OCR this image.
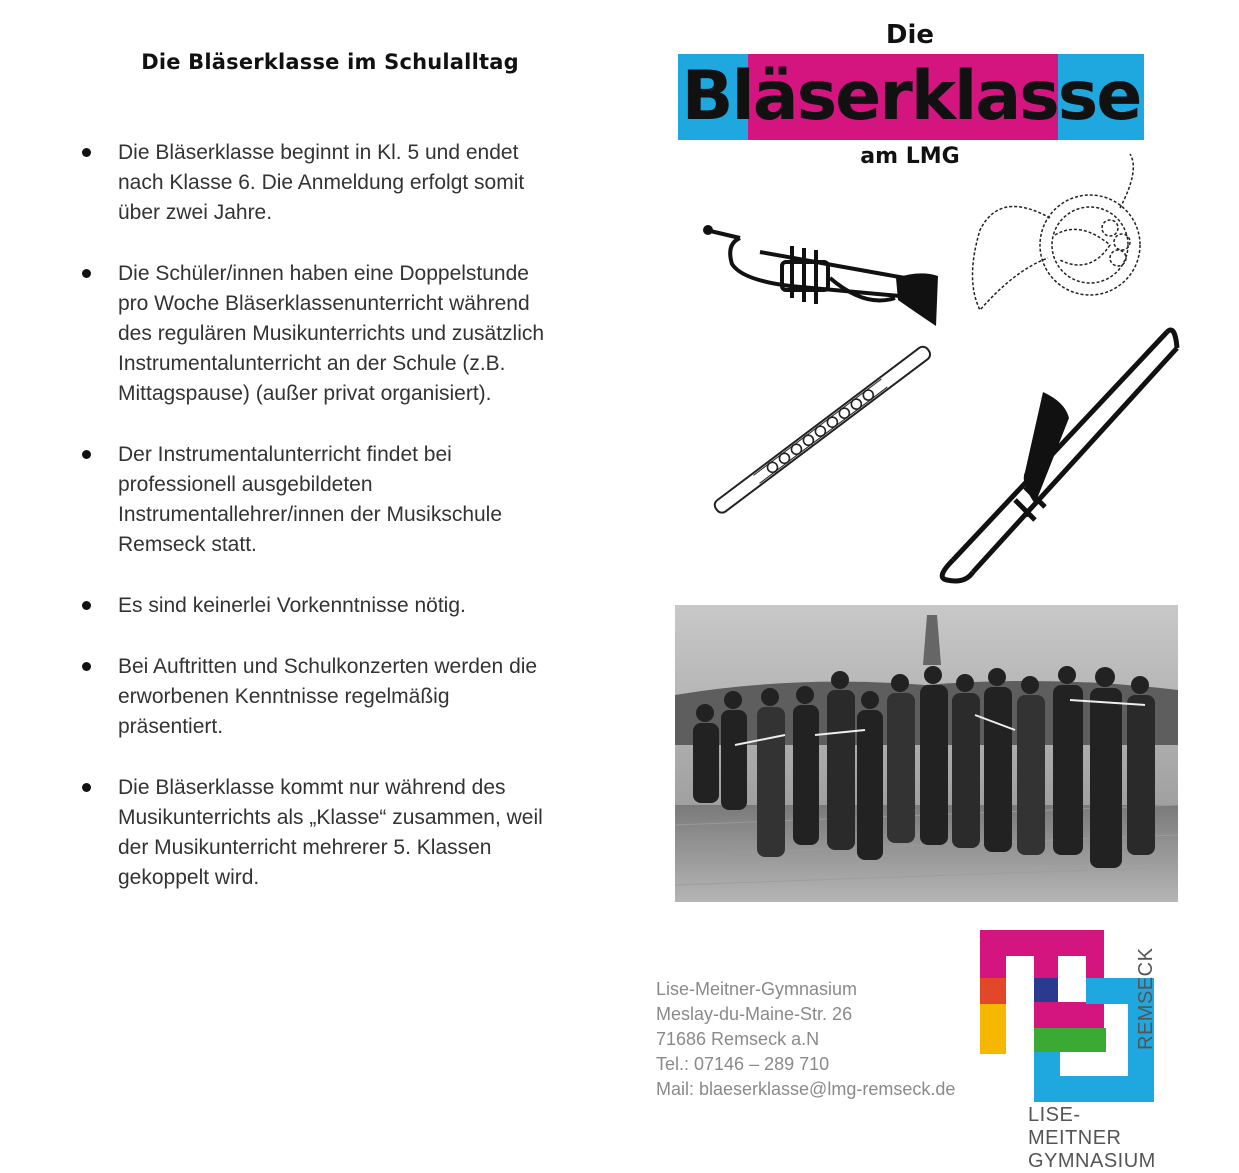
Die Bläserklasse im Schulalltag
Die Bläserklasse beginnt in Kl. 5 und endet
nach Klasse 6. Die Anmeldung erfolgt somit
über zwei Jahre.
Die Schüler/innen haben eine Doppelstunde
pro Woche Bläserklassenunterricht während
des regulären Musikunterrichts und zusätzlich
Instrumentalunterricht an der Schule (z.B.
Mittagspause) (außer privat organisiert).
Der Instrumentalunterricht findet bei
professionell ausgebildeten
Instrumentallehrer/innen der Musikschule
Remseck statt.
Es sind keinerlei Vorkenntnisse nötig.
Bei Auftritten und Schulkonzerten werden die
erworbenen Kenntnisse regelmäßig
präsentiert.
Die Bläserklasse kommt nur während des
Musikunterrichts als „Klasse“ zusammen, weil
der Musikunterricht mehrerer 5. Klassen
gekoppelt wird.
Die
Bläserklasse
am LMG
Lise-Meitner-Gymnasium
Meslay-du-Maine-Str. 26
71686 Remseck a.N
Tel.: 07146 – 289 710
Mail: blaeserklasse@lmg-remseck.de
LISE-MEITNER
GYMNASIUM
REMSECK
